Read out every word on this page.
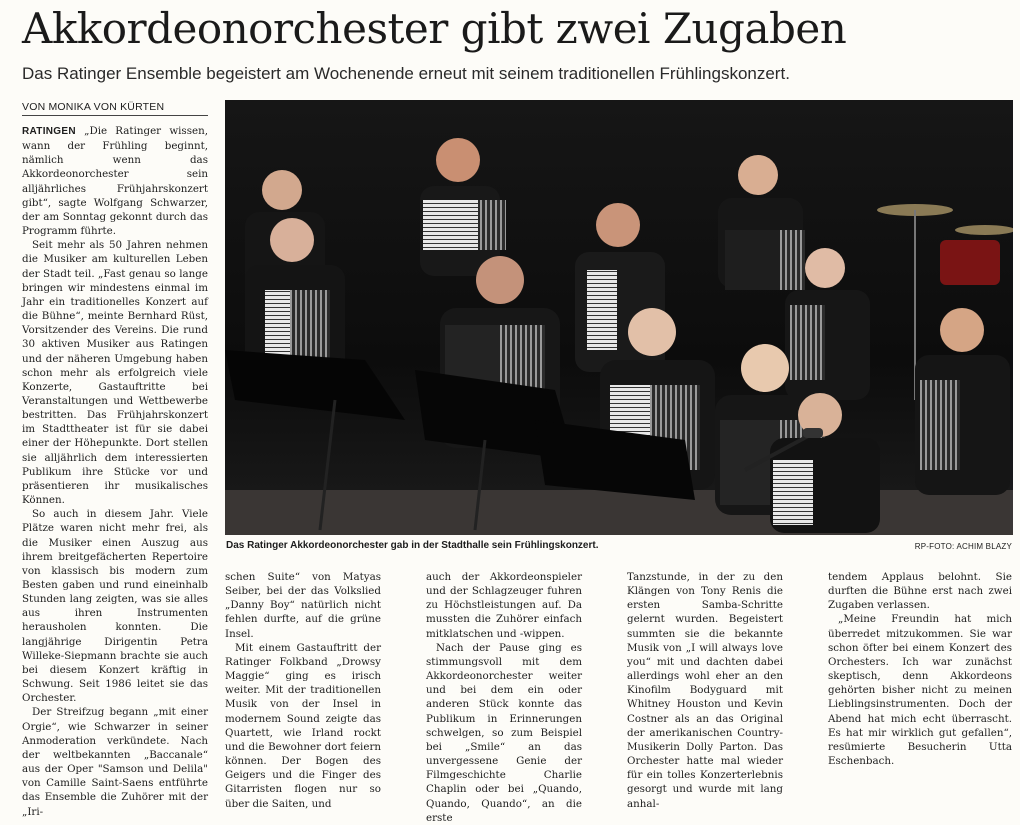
Akkordeonorchester gibt zwei Zugaben
Das Ratinger Ensemble begeistert am Wochenende erneut mit seinem traditionellen Frühlingskonzert.
VON MONIKA VON KÜRTEN

RATINGEN „Die Ratinger wissen, wann der Frühling beginnt, nämlich wenn das Akkordeonorchester sein alljährliches Frühjahrskonzert gibt“, sagte Wolfgang Schwarzer, der am Sonntag gekonnt durch das Programm führte.

Seit mehr als 50 Jahren nehmen die Musiker am kulturellen Leben der Stadt teil. „Fast genau so lange bringen wir mindestens einmal im Jahr ein traditionelles Konzert auf die Bühne“, meinte Bernhard Rüst, Vorsitzender des Vereins. Die rund 30 aktiven Musiker aus Ratingen und der näheren Umgebung haben schon mehr als erfolgreich viele Konzerte, Gastauftritte bei Veranstaltungen und Wettbewerbe bestritten. Das Frühjahrskonzert im Stadttheater ist für sie dabei einer der Höhepunkte. Dort stellen sie alljährlich dem interessierten Publikum ihre Stücke vor und präsentieren ihr musikalisches Können.

So auch in diesem Jahr. Viele Plätze waren nicht mehr frei, als die Musiker einen Auszug aus ihrem breitgefächerten Repertoire von klassisch bis modern zum Besten gaben und rund eineinhalb Stunden lang zeigten, was sie alles aus ihren Instrumenten herausholen konnten. Die langjährige Dirigentin Petra Willeke-Siepmann brachte sie auch bei diesem Konzert kräftig in Schwung. Seit 1986 leitet sie das Orchester.

Der Streifzug begann „mit einer Orgie“, wie Schwarzer in seiner Anmoderation verkündete. Nach der weltbekannten „Baccanale“ aus der Oper "Samson und Delila" von Camille Saint-Saens entführte das Ensemble die Zuhörer mit der „Iri-

Das Ratinger Akkordeonorchester gab in der Stadthalle sein Frühlingskonzert.	RP-FOTO: ACHIM BLAZY

schen Suite“ von Matyas Seiber, bei der das Volkslied „Danny Boy“ natürlich nicht fehlen durfte, auf die grüne Insel.

Mit einem Gastauftritt der Ratinger Folkband „Drowsy Maggie“ ging es irisch weiter. Mit der traditionellen Musik von der Insel in modernem Sound zeigte das Quartett, wie Irland rockt und die Bewohner dort feiern können. Der Bogen des Geigers und die Finger des Gitarristen flogen nur so über die Saiten, und

auch der Akkordeonspieler und der Schlagzeuger fuhren zu Höchstleistungen auf. Da mussten die Zuhörer einfach mitklatschen und -wippen.

Nach der Pause ging es stimmungsvoll mit dem Akkordeonorchester weiter und bei dem ein oder anderen Stück konnte das Publikum in Erinnerungen schwelgen, so zum Beispiel bei „Smile“ an das unvergessene Genie der Filmgeschichte Charlie Chaplin oder bei „Quando, Quando, Quando“, an die erste

Tanzstunde, in der zu den Klängen von Tony Renis die ersten Samba-Schritte gelernt wurden. Begeistert summten sie die bekannte Musik von „I will always love you“ mit und dachten dabei allerdings wohl eher an den Kinofilm Bodyguard mit Whitney Houston und Kevin Costner als an das Original der amerikanischen Country-Musikerin Dolly Parton. Das Orchester hatte mal wieder für ein tolles Konzerterlebnis gesorgt und wurde mit lang anhal-

tendem Applaus belohnt. Sie durften die Bühne erst nach zwei Zugaben verlassen.

„Meine Freundin hat mich überredet mitzukommen. Sie war schon öfter bei einem Konzert des Orchesters. Ich war zunächst skeptisch, denn Akkordeons gehörten bisher nicht zu meinen Lieblingsinstrumenten. Doch der Abend hat mich echt überrascht. Es hat mir wirklich gut gefallen“, resümierte Besucherin Utta Eschenbach.
